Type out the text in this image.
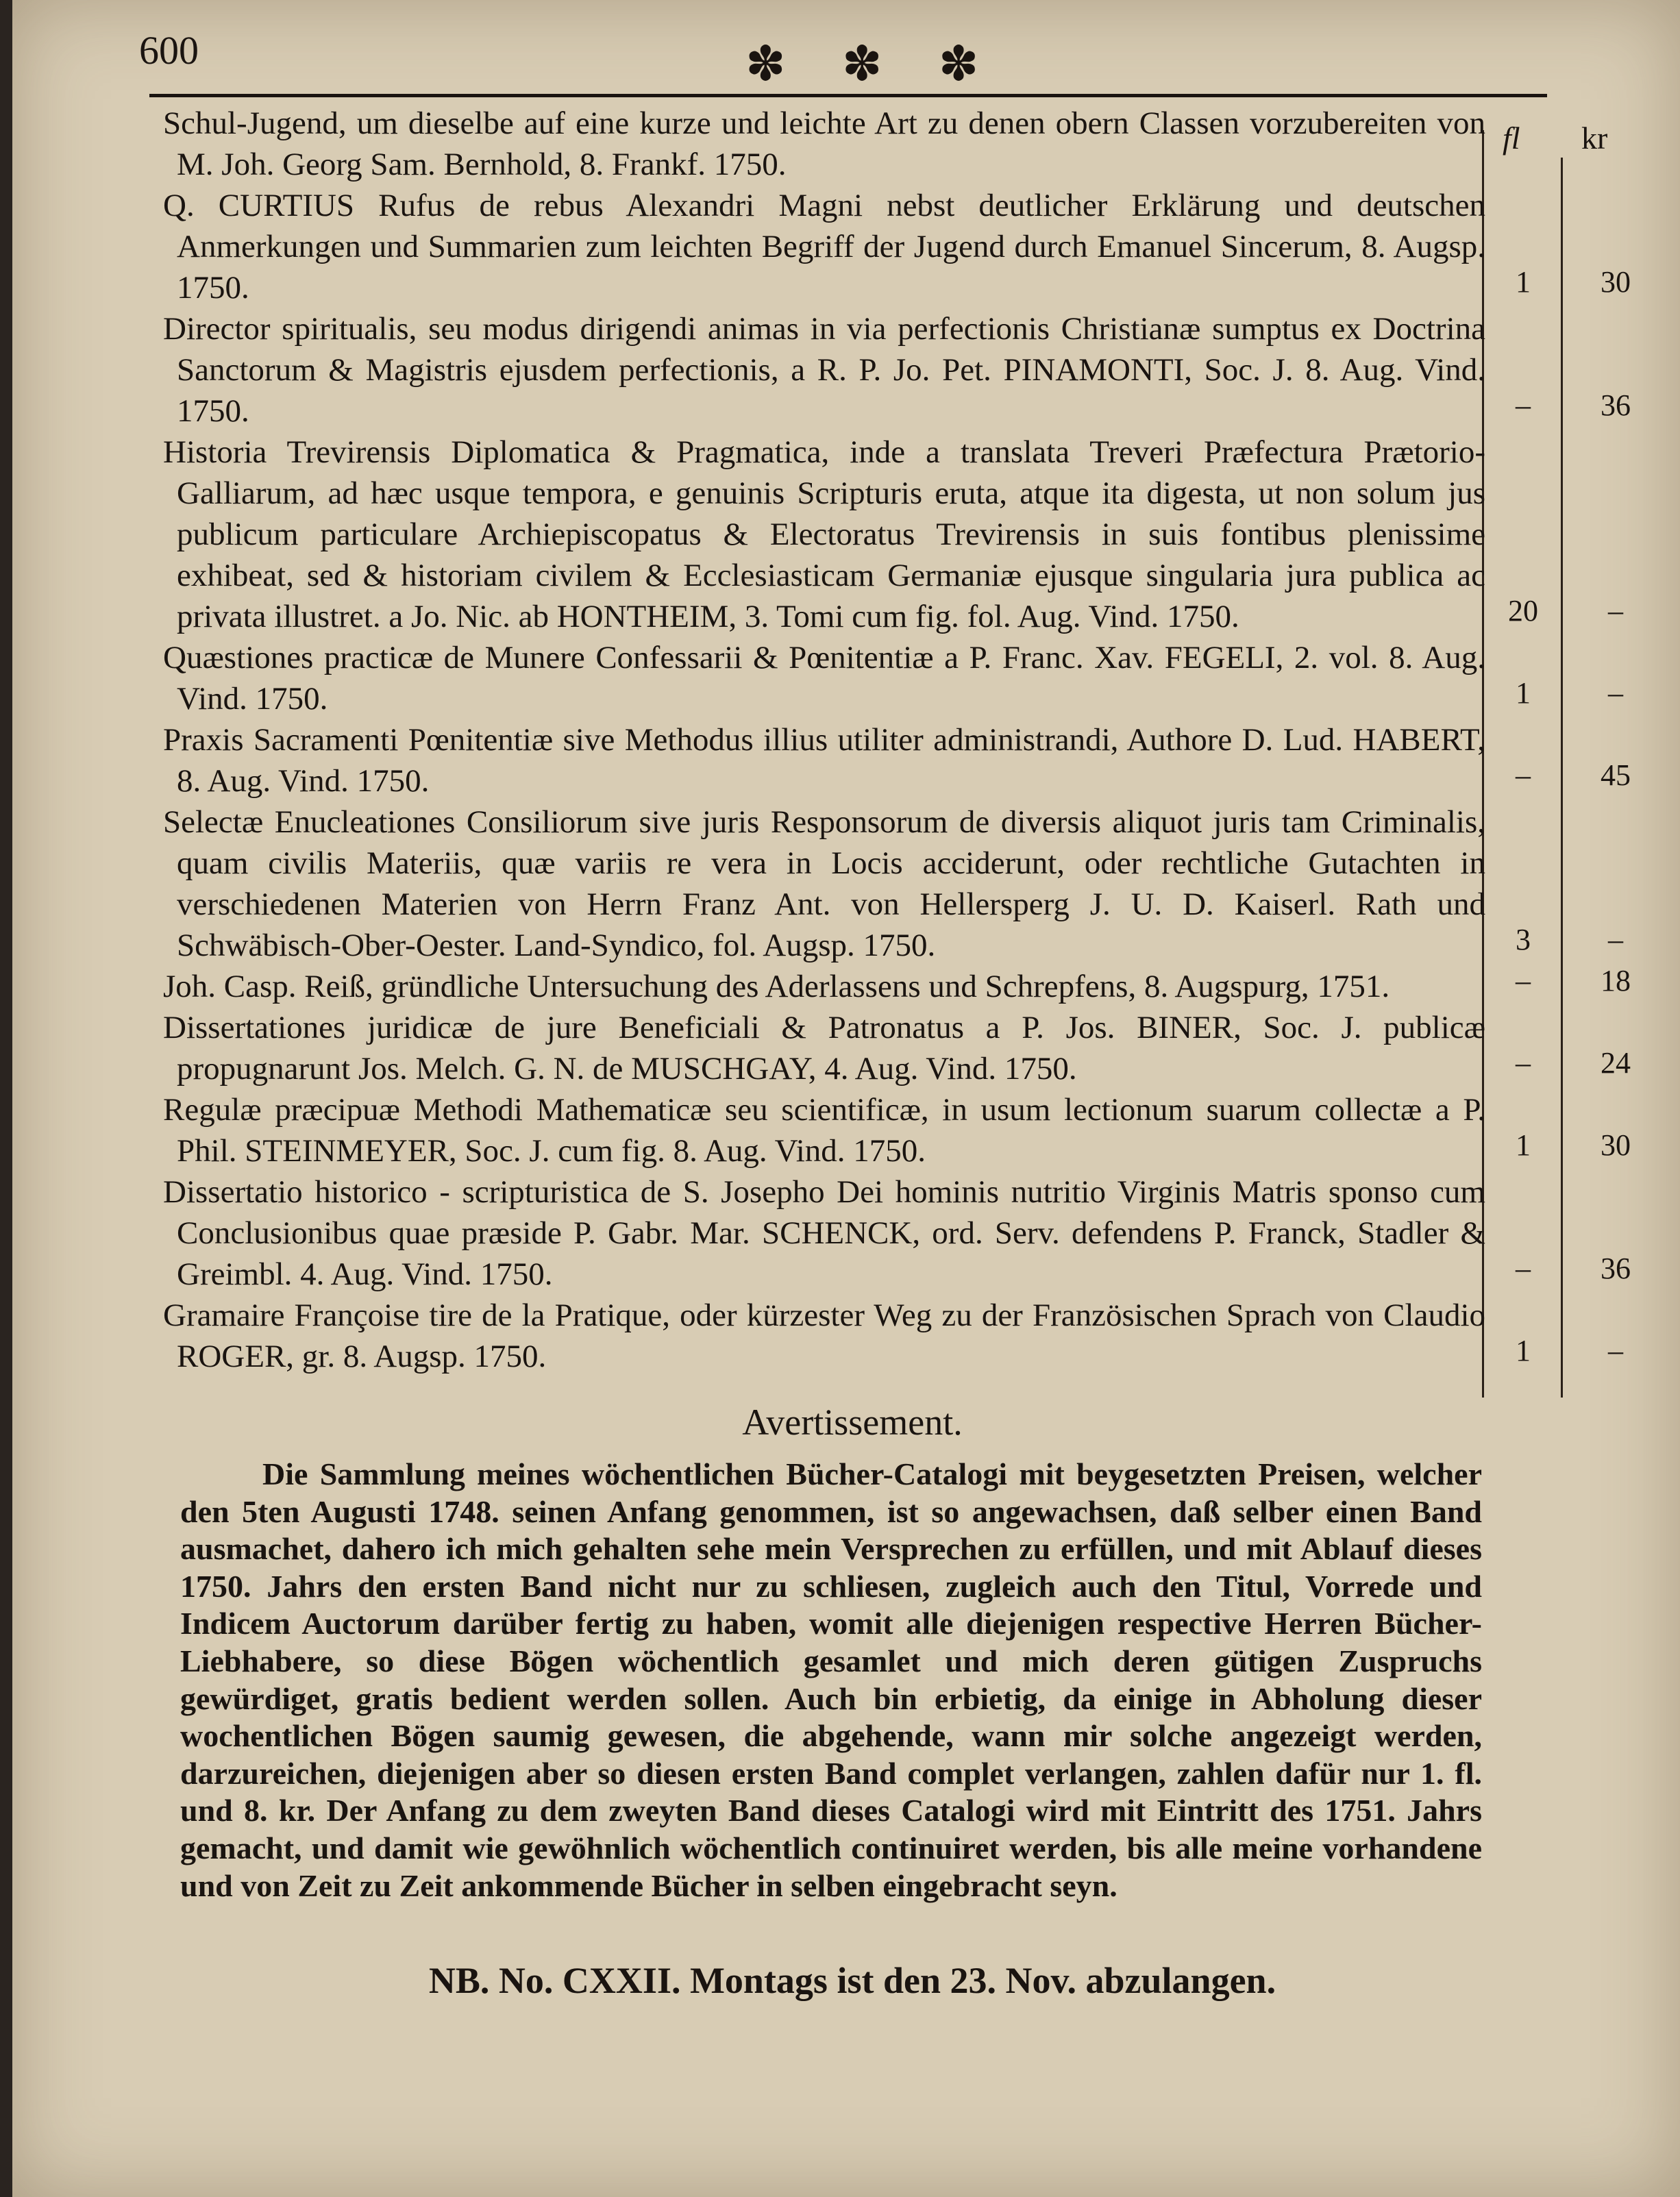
600	✽ ✽ ✽
fl kr
Schul-Jugend, um dieselbe auf eine kurze und leichte Art zu denen obern Classen vorzubereiten von M. Joh. Georg Sam. Bernhold, 8. Frankf. 1750.
Q. CURTIUS Rufus de rebus Alexandri Magni nebst deutlicher Erklärung und deutschen Anmerkungen und Summarien zum leichten Begriff der Jugend durch Emanuel Sincerum, 8. Augsp. 1750.	1	30
Director spiritualis, seu modus dirigendi animas in via perfectionis Christianæ sumptus ex Doctrina Sanctorum & Magistris ejusdem perfectionis, a R. P. Jo. Pet. PINAMONTI, Soc. J. 8. Aug. Vind. 1750.	–	36
Historia Trevirensis Diplomatica & Pragmatica, inde a translata Treveri Præfectura Prætorio-Galliarum, ad hæc usque tempora, e genuinis Scripturis eruta, atque ita digesta, ut non solum jus publicum particulare Archiepiscopatus & Electoratus Trevirensis in suis fontibus plenissime exhibeat, sed & historiam civilem & Ecclesiasticam Germaniæ ejusque singularia jura publica ac privata illustret. a Jo. Nic. ab HONTHEIM, 3. Tomi cum fig. fol. Aug. Vind. 1750.	20	–
Quæstiones practicæ de Munere Confessarii & Pœnitentiæ a P. Franc. Xav. FEGELI, 2. vol. 8. Aug. Vind. 1750.	1	–
Praxis Sacramenti Pœnitentiæ sive Methodus illius utiliter administrandi, Authore D. Lud. HABERT, 8. Aug. Vind. 1750.	–	45
Selectæ Enucleationes Consiliorum sive juris Responsorum de diversis aliquot juris tam Criminalis, quam civilis Materiis, quæ variis re vera in Locis acciderunt, oder rechtliche Gutachten in verschiedenen Materien von Herrn Franz Ant. von Hellersperg J. U. D. Kaiserl. Rath und Schwäbisch-Ober-Oester. Land-Syndico, fol. Augsp. 1750.	3	–
Joh. Casp. Reiß, gründliche Untersuchung des Aderlassens und Schrepfens, 8. Augspurg, 1751.	–	18
Dissertationes juridicæ de jure Beneficiali & Patronatus a P. Jos. BINER, Soc. J. publicæ propugnarunt Jos. Melch. G. N. de MUSCHGAY, 4. Aug. Vind. 1750.	–	24
Regulæ præcipuæ Methodi Mathematicæ seu scientificæ, in usum lectionum suarum collectæ a P. Phil. STEINMEYER, Soc. J. cum fig. 8. Aug. Vind. 1750.	1	30
Dissertatio historico - scripturistica de S. Josepho Dei hominis nutritio Virginis Matris sponso cum Conclusionibus quae præside P. Gabr. Mar. SCHENCK, ord. Serv. defendens P. Franck, Stadler & Greimbl. 4. Aug. Vind. 1750.	–	36
Gramaire Françoise tire de la Pratique, oder kürzester Weg zu der Französischen Sprach von Claudio ROGER, gr. 8. Augsp. 1750.	1	–
Avertissement.
Die Sammlung meines wöchentlichen Bücher-Catalogi mit beygesetzten Preisen, welcher den 5ten Augusti 1748. seinen Anfang genommen, ist so angewachsen, daß selber einen Band ausmachet, dahero ich mich gehalten sehe mein Versprechen zu erfüllen, und mit Ablauf dieses 1750. Jahrs den ersten Band nicht nur zu schliesen, zugleich auch den Titul, Vorrede und Indicem Auctorum darüber fertig zu haben, womit alle diejenigen respective Herren Bücher-Liebhabere, so diese Bögen wöchentlich gesamlet und mich deren gütigen Zuspruchs gewürdiget, gratis bedient werden sollen. Auch bin erbietig, da einige in Abholung dieser wochentlichen Bögen saumig gewesen, die abgehende, wann mir solche angezeigt werden, darzureichen, diejenigen aber so diesen ersten Band complet verlangen, zahlen dafür nur 1. fl. und 8. kr. Der Anfang zu dem zweyten Band dieses Catalogi wird mit Eintritt des 1751. Jahrs gemacht, und damit wie gewöhnlich wöchentlich continuiret werden, bis alle meine vorhandene und von Zeit zu Zeit ankommende Bücher in selben eingebracht seyn.
NB. No. CXXII. Montags ist den 23. Nov. abzulangen.
